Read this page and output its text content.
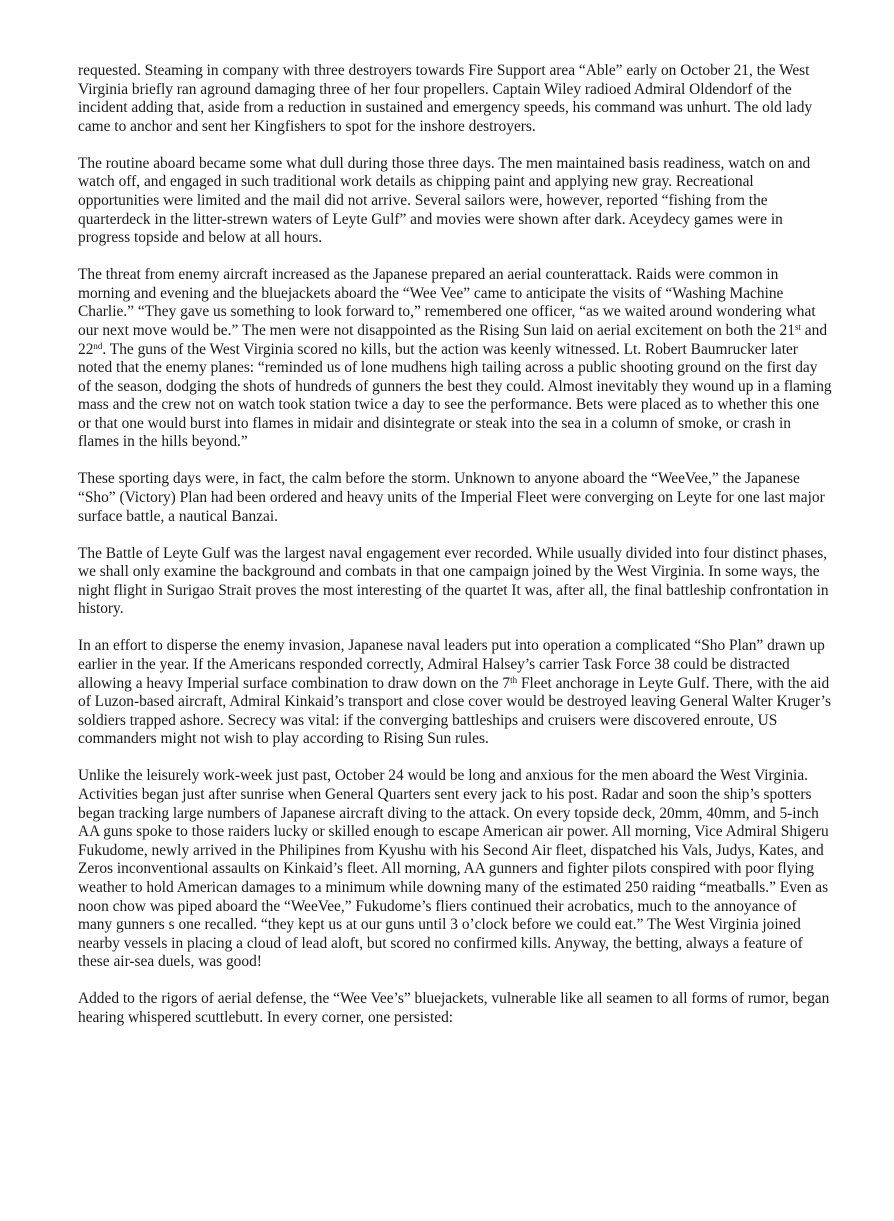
requested. Steaming in company with three destroyers towards Fire Support area “Able” early on October 21, the West Virginia briefly ran aground damaging three of her four propellers. Captain Wiley radioed Admiral Oldendorf of the incident adding that, aside from a reduction in sustained and emergency speeds, his command was unhurt. The old lady came to anchor and sent her Kingfishers to spot for the inshore destroyers.

The routine aboard became some what dull during those three days. The men maintained basis readiness, watch on and watch off, and engaged in such traditional work details as chipping paint and applying new gray. Recreational opportunities were limited and the mail did not arrive. Several sailors were, however, reported “fishing from the quarterdeck in the litter-strewn waters of Leyte Gulf” and movies were shown after dark. Aceydecy games were in progress topside and below at all hours.

The threat from enemy aircraft increased as the Japanese prepared an aerial counterattack. Raids were common in morning and evening and the bluejackets aboard the “Wee Vee” came to anticipate the visits of “Washing Machine Charlie.” “They gave us something to look forward to,” remembered one officer, “as we waited around wondering what our next move would be.” The men were not disappointed as the Rising Sun laid on aerial excitement on both the 21st and 22nd. The guns of the West Virginia scored no kills, but the action was keenly witnessed. Lt. Robert Baumrucker later noted that the enemy planes: “reminded us of lone mudhens high tailing across a public shooting ground on the first day of the season, dodging the shots of hundreds of gunners the best they could. Almost inevitably they wound up in a flaming mass and the crew not on watch took station twice a day to see the performance. Bets were placed as to whether this one or that one would burst into flames in midair and disintegrate or steak into the sea in a column of smoke, or crash in flames in the hills beyond.”

These sporting days were, in fact, the calm before the storm. Unknown to anyone aboard the “WeeVee,” the Japanese “Sho” (Victory) Plan had been ordered and heavy units of the Imperial Fleet were converging on Leyte for one last major surface battle, a nautical Banzai.

The Battle of Leyte Gulf was the largest naval engagement ever recorded. While usually divided into four distinct phases, we shall only examine the background and combats in that one campaign joined by the West Virginia. In some ways, the night flight in Surigao Strait proves the most interesting of the quartet It was, after all, the final battleship confrontation in history.

In an effort to disperse the enemy invasion, Japanese naval leaders put into operation a complicated “Sho Plan” drawn up earlier in the year. If the Americans responded correctly, Admiral Halsey’s carrier Task Force 38 could be distracted allowing a heavy Imperial surface combination to draw down on the 7th Fleet anchorage in Leyte Gulf. There, with the aid of Luzon-based aircraft, Admiral Kinkaid’s transport and close cover would be destroyed leaving General Walter Kruger’s soldiers trapped ashore. Secrecy was vital: if the converging battleships and cruisers were discovered enroute, US commanders might not wish to play according to Rising Sun rules.

Unlike the leisurely work-week just past, October 24 would be long and anxious for the men aboard the West Virginia. Activities began just after sunrise when General Quarters sent every jack to his post. Radar and soon the ship’s spotters began tracking large numbers of Japanese aircraft diving to the attack. On every topside deck, 20mm, 40mm, and 5-inch AA guns spoke to those raiders lucky or skilled enough to escape American air power. All morning, Vice Admiral Shigeru Fukudome, newly arrived in the Philipines from Kyushu with his Second Air fleet, dispatched his Vals, Judys, Kates, and Zeros inconventional assaults on Kinkaid’s fleet. All morning, AA gunners and fighter pilots conspired with poor flying weather to hold American damages to a minimum while downing many of the estimated 250 raiding “meatballs.” Even as noon chow was piped aboard the “WeeVee,” Fukudome’s fliers continued their acrobatics, much to the annoyance of many gunners s one recalled. “they kept us at our guns until 3 o’clock before we could eat.” The West Virginia joined nearby vessels in placing a cloud of lead aloft, but scored no confirmed kills. Anyway, the betting, always a feature of these air-sea duels, was good!

Added to the rigors of aerial defense, the “Wee Vee’s” bluejackets, vulnerable like all seamen to all forms of rumor, began hearing whispered scuttlebutt. In every corner, one persisted:
